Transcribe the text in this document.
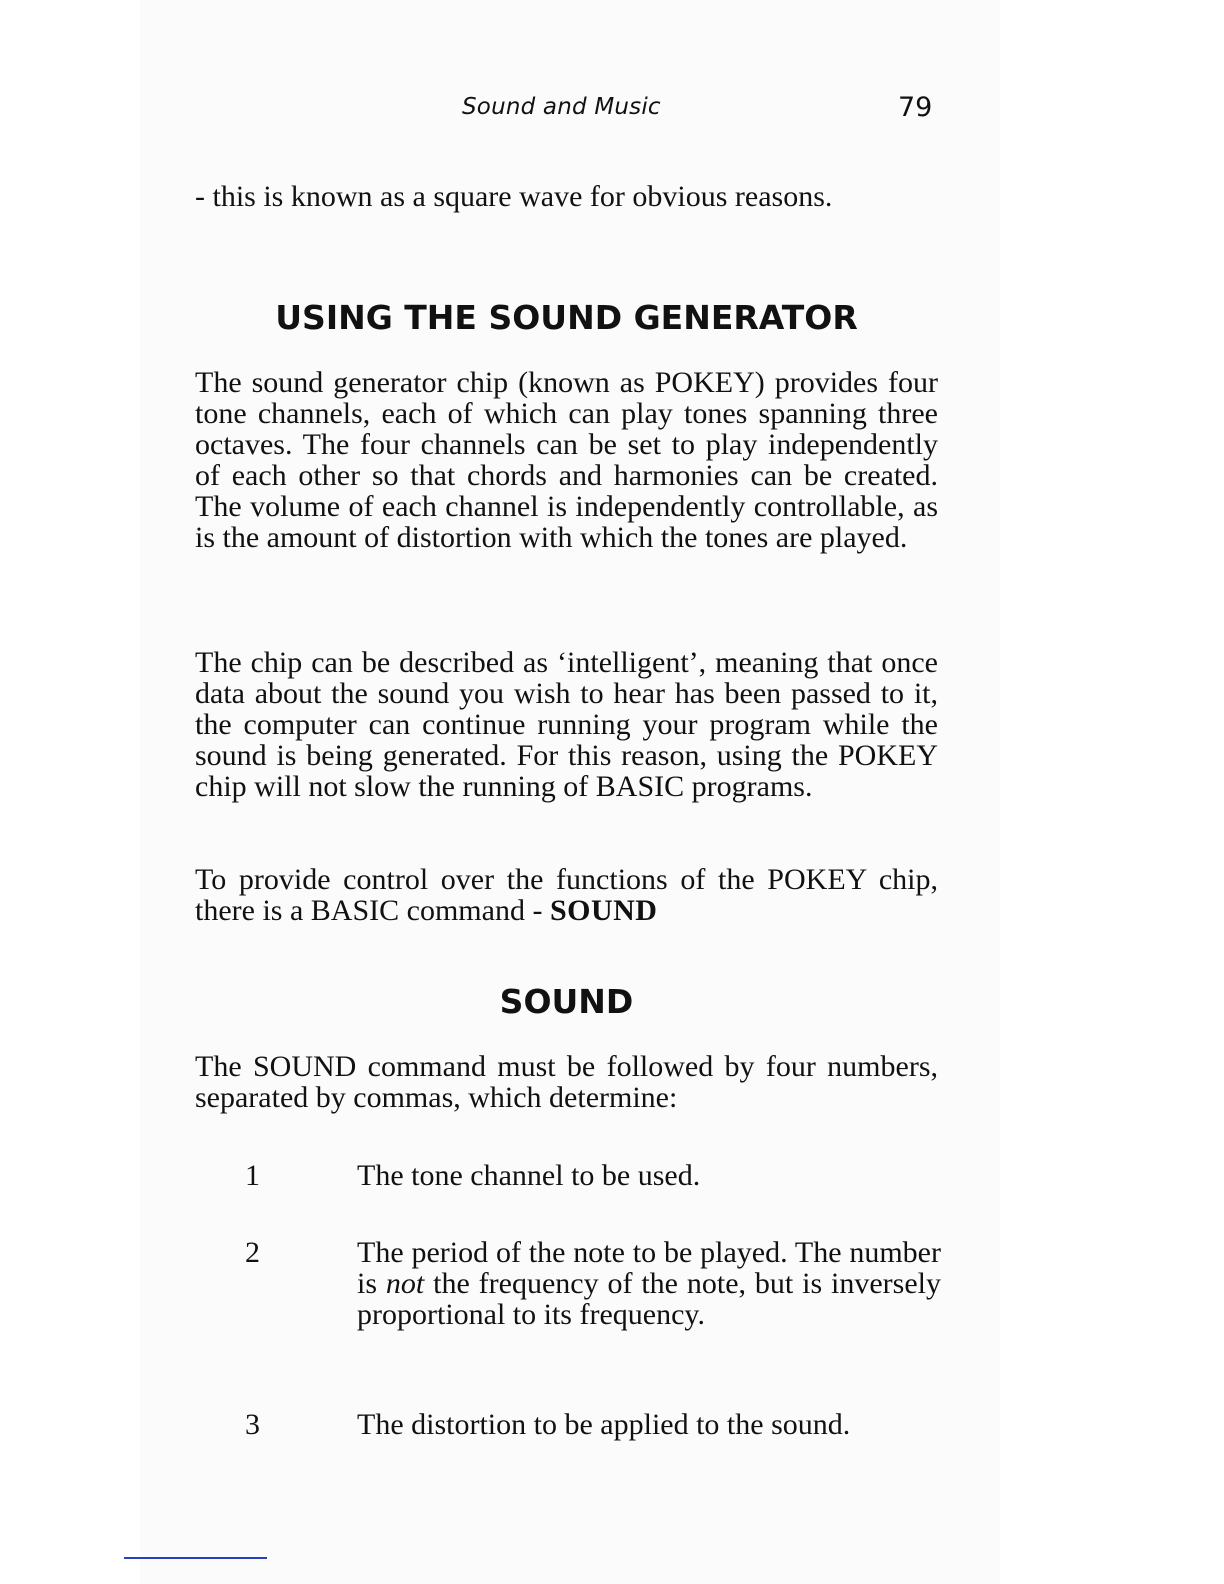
Sound and Music	79

- this is known as a square wave for obvious reasons.

USING THE SOUND GENERATOR

The sound generator chip (known as POKEY) provides four tone channels, each of which can play tones spanning three octaves. The four channels can be set to play independently of each other so that chords and harmonies can be created. The volume of each channel is independently controllable, as is the amount of distortion with which the tones are played.

The chip can be described as ‘intelligent’, meaning that once data about the sound you wish to hear has been passed to it, the computer can continue running your program while the sound is being generated. For this reason, using the POKEY chip will not slow the running of BASIC programs.

To provide control over the functions of the POKEY chip, there is a BASIC command - SOUND

SOUND

The SOUND command must be followed by four numbers, separated by commas, which determine:

1	The tone channel to be used.

2	The period of the note to be played. The number is not the frequency of the note, but is inversely proportional to its frequency.

3	The distortion to be applied to the sound.
